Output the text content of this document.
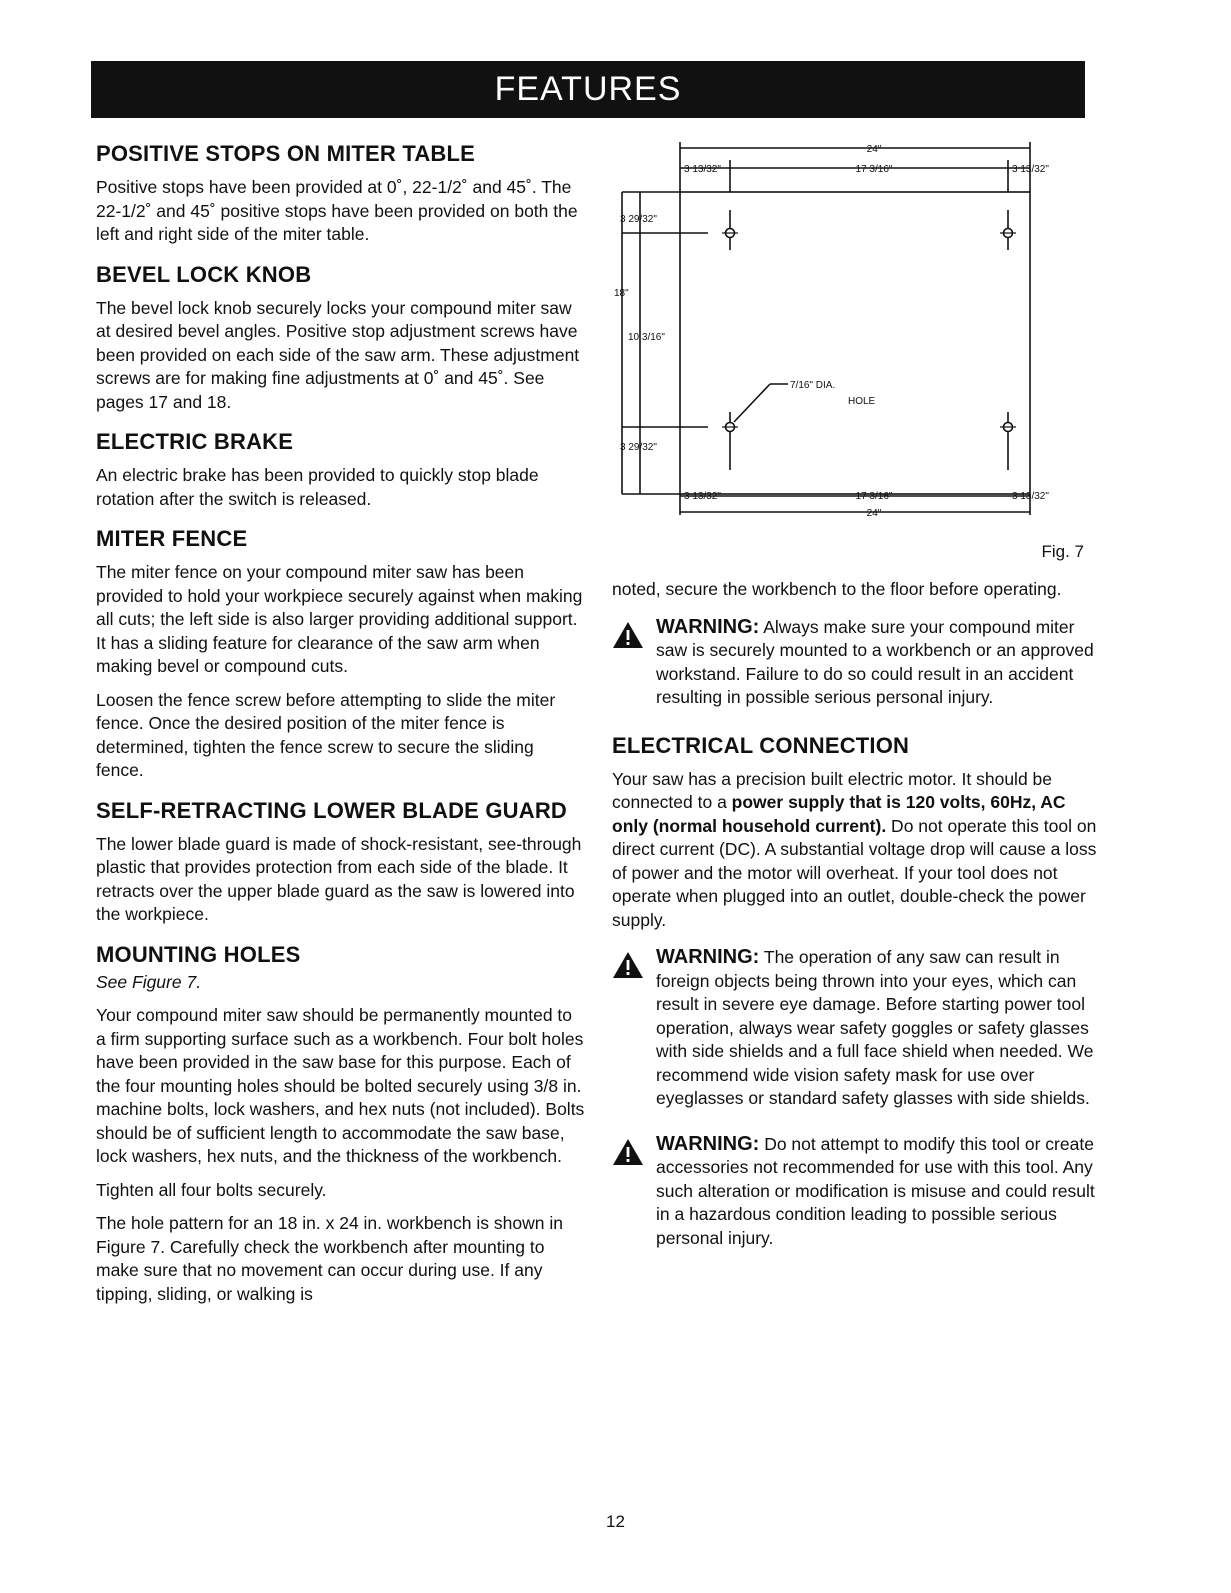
FEATURES
POSITIVE STOPS ON MITER TABLE

Positive stops have been provided at 0˚, 22-1/2˚ and 45˚. The 22-1/2˚ and 45˚ positive stops have been provided on both the left and right side of the miter table.

BEVEL LOCK KNOB

The bevel lock knob securely locks your compound miter saw at desired bevel angles. Positive stop adjustment screws have been provided on each side of the saw arm. These adjustment screws are for making fine adjustments at 0˚ and 45˚. See pages 17 and 18.

ELECTRIC BRAKE

An electric brake has been provided to quickly stop blade rotation after the switch is released.

MITER FENCE

The miter fence on your compound miter saw has been provided to hold your workpiece securely against when making all cuts; the left side is also larger providing additional support. It has a sliding feature for clearance of the saw arm when making bevel or compound cuts.

Loosen the fence screw before attempting to slide the miter fence. Once the desired position of the miter fence is determined, tighten the fence screw to secure the sliding fence.

SELF-RETRACTING LOWER BLADE GUARD

The lower blade guard is made of shock-resistant, see-through plastic that provides protection from each side of the blade. It retracts over the upper blade guard as the saw is lowered into the workpiece.

MOUNTING HOLES

See Figure 7.

Your compound miter saw should be permanently mounted to a firm supporting surface such as a workbench. Four bolt holes have been provided in the saw base for this purpose. Each of the four mounting holes should be bolted securely using 3/8 in. machine bolts, lock washers, and hex nuts (not included). Bolts should be of sufficient length to accommodate the saw base, lock washers, hex nuts, and the thickness of the workbench.

Tighten all four bolts securely.

The hole pattern for an 18 in. x 24 in. workbench is shown in Figure 7. Carefully check the workbench after mounting to make sure that no movement can occur during use. If any tipping, sliding, or walking is

24"
17 3/16"
3 13/32"	3 13/32"
17 3/16"
24"
3 13/32"	3 13/32"
3 29/32"
18"
10 3/16"
3 29/32"
7/16" DIA.
HOLE
Fig. 7

noted, secure the workbench to the floor before operating.

WARNING: Always make sure your compound miter saw is securely mounted to a workbench or an approved workstand. Failure to do so could result in an accident resulting in possible serious personal injury.
ELECTRICAL CONNECTION

Your saw has a precision built electric motor. It should be connected to a power supply that is 120 volts, 60Hz, AC only (normal household current). Do not operate this tool on direct current (DC). A substantial voltage drop will cause a loss of power and the motor will overheat. If your tool does not operate when plugged into an outlet, double-check the power supply.

WARNING: The operation of any saw can result in foreign objects being thrown into your eyes, which can result in severe eye damage. Before starting power tool operation, always wear safety goggles or safety glasses with side shields and a full face shield when needed. We recommend wide vision safety mask for use over eyeglasses or standard safety glasses with side shields.
WARNING: Do not attempt to modify this tool or create accessories not recommended for use with this tool. Any such alteration or modification is misuse and could result in a hazardous condition leading to possible serious personal injury.
12
